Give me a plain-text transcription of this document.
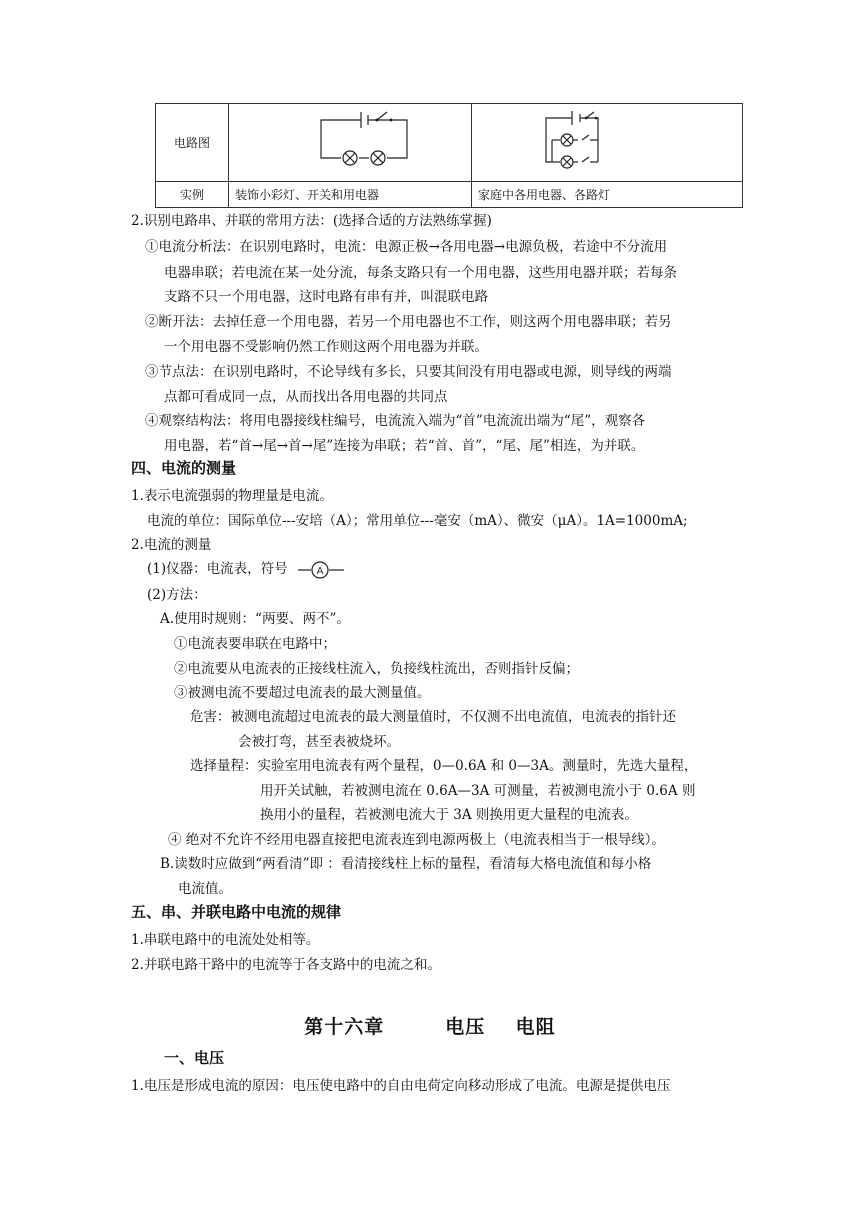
电路图		
实例	装饰小彩灯、开关和用电器	家庭中各用电器、各路灯
2.识别电路串、并联的常用方法：(选择合适的方法熟练掌握)
①电流分析法：在识别电路时，电流：电源正极→各用电器→电源负极，若途中不分流用
电器串联；若电流在某一处分流，每条支路只有一个用电器，这些用电器并联；若每条
支路不只一个用电器，这时电路有串有并，叫混联电路
②断开法：去掉任意一个用电器，若另一个用电器也不工作，则这两个用电器串联；若另
一个用电器不受影响仍然工作则这两个用电器为并联。
③节点法：在识别电路时，不论导线有多长，只要其间没有用电器或电源，则导线的两端
点都可看成同一点，从而找出各用电器的共同点
④观察结构法：将用电器接线柱编号，电流流入端为“首”电流流出端为“尾”，观察各
用电器，若“首→尾→首→尾”连接为串联；若“首、首”，“尾、尾”相连，为并联。
四、电流的测量
1.表示电流强弱的物理量是电流。
电流的单位：国际单位---安培（A）；常用单位---毫安（mA）、微安（μA）。1A=1000mA;
2.电流的测量
(1)仪器：电流表，符号	A
(2)方法：
A.使用时规则：“两要、两不”。
①电流表要串联在电路中；
②电流要从电流表的正接线柱流入，负接线柱流出，否则指针反偏；
③被测电流不要超过电流表的最大测量值。
危害：被测电流超过电流表的最大测量值时，不仅测不出电流值，电流表的指针还
会被打弯，甚至表被烧坏。
选择量程：实验室用电流表有两个量程，0—0.6A 和 0—3A。测量时，先选大量程，
用开关试触，若被测电流在 0.6A—3A 可测量，若被测电流小于 0.6A 则
换用小的量程，若被测电流大于 3A 则换用更大量程的电流表。
④ 绝对不允许不经用电器直接把电流表连到电源两极上（电流表相当于一根导线）。
B.读数时应做到“两看清”即 ：看清接线柱上标的量程，看清每大格电流值和每小格
电流值。
五、串、并联电路中电流的规律
1.串联电路中的电流处处相等。
2.并联电路干路中的电流等于各支路中的电流之和。
第十六章        电压    电阻
一、电压
1.电压是形成电流的原因：电压使电路中的自由电荷定向移动形成了电流。电源是提供电压
